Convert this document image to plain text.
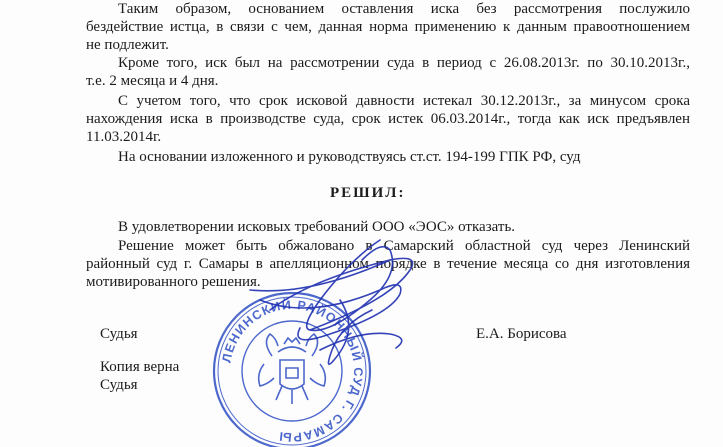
Таким образом, основанием оставления иска без рассмотрения послужило
бездействие истца, в связи с чем, данная норма применению к данным правоотношением
не подлежит.
Кроме того, иск был на рассмотрении суда в период с 26.08.2013г. по 30.10.2013г.,
т.е. 2 месяца и 4 дня.
С учетом того, что срок исковой давности истекал 30.12.2013г., за минусом срока
нахождения иска в производстве суда, срок истек 06.03.2014г., тогда как иск предъявлен
11.03.2014г.
На основании изложенного и руководствуясь ст.ст. 194-199 ГПК РФ, суд
РЕШИЛ:
В удовлетворении исковых требований ООО «ЭОС» отказать.
Решение может быть обжаловано в Самарский областной суд через Ленинский
районный суд г. Самары в апелляционном порядке в течение месяца со дня изготовления
мотивированного решения.
ЛЕНИНСКИЙ РАЙОННЫЙ СУД Г. САМАРЫ
Судья	Е.А. Борисова
Копия верна
Судья
